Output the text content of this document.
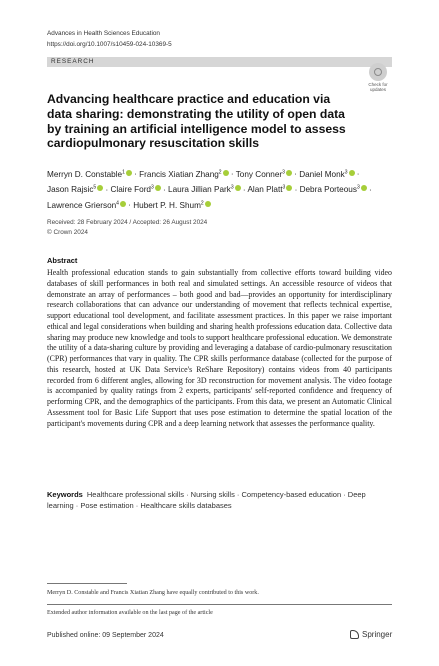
Advances in Health Sciences Education
https://doi.org/10.1007/s10459-024-10369-5
RESEARCH
Check for updates
Advancing healthcare practice and education via data sharing: demonstrating the utility of open data by training an artificial intelligence model to assess cardiopulmonary resuscitation skills
Merryn D. Constable$^1$ · Francis Xiatian Zhang$^2$ · Tony Conner$^3$ · Daniel Monk$^3$ · Jason Rajsic$^5$ · Claire Ford$^3$ · Laura Jillian Park$^3$ · Alan Platt$^3$ · Debra Porteous$^3$ · Lawrence Grierson$^4$ · Hubert P. H. Shum$^2$
Received: 28 February 2024 / Accepted: 26 August 2024
© Crown 2024
Abstract
Health professional education stands to gain substantially from collective efforts toward building video databases of skill performances in both real and simulated settings. An accessible resource of videos that demonstrate an array of performances – both good and bad—provides an opportunity for interdisciplinary research collaborations that can advance our understanding of movement that reflects technical expertise, support educational tool development, and facilitate assessment practices. In this paper we raise important ethical and legal considerations when building and sharing health professions education data. Collective data sharing may produce new knowledge and tools to support healthcare professional education. We demonstrate the utility of a data-sharing culture by providing and leveraging a database of cardio-pulmonary resuscitation (CPR) performances that vary in quality. The CPR skills performance database (collected for the purpose of this research, hosted at UK Data Service's ReShare Repository) contains videos from 40 participants recorded from 6 different angles, allowing for 3D reconstruction for movement analysis. The video footage is accompanied by quality ratings from 2 experts, participants' self-reported confidence and frequency of performing CPR, and the demographics of the participants. From this data, we present an Automatic Clinical Assessment tool for Basic Life Support that uses pose estimation to determine the spatial location of the participant's movements during CPR and a deep learning network that assesses the performance quality.
Keywords Healthcare professional skills · Nursing skills · Competency-based education · Deep learning · Pose estimation · Healthcare skills databases
Merryn D. Constable and Francis Xiatian Zhang have equally contributed to this work.
Extended author information available on the last page of the article
Published online: 09 September 2024	Springer
